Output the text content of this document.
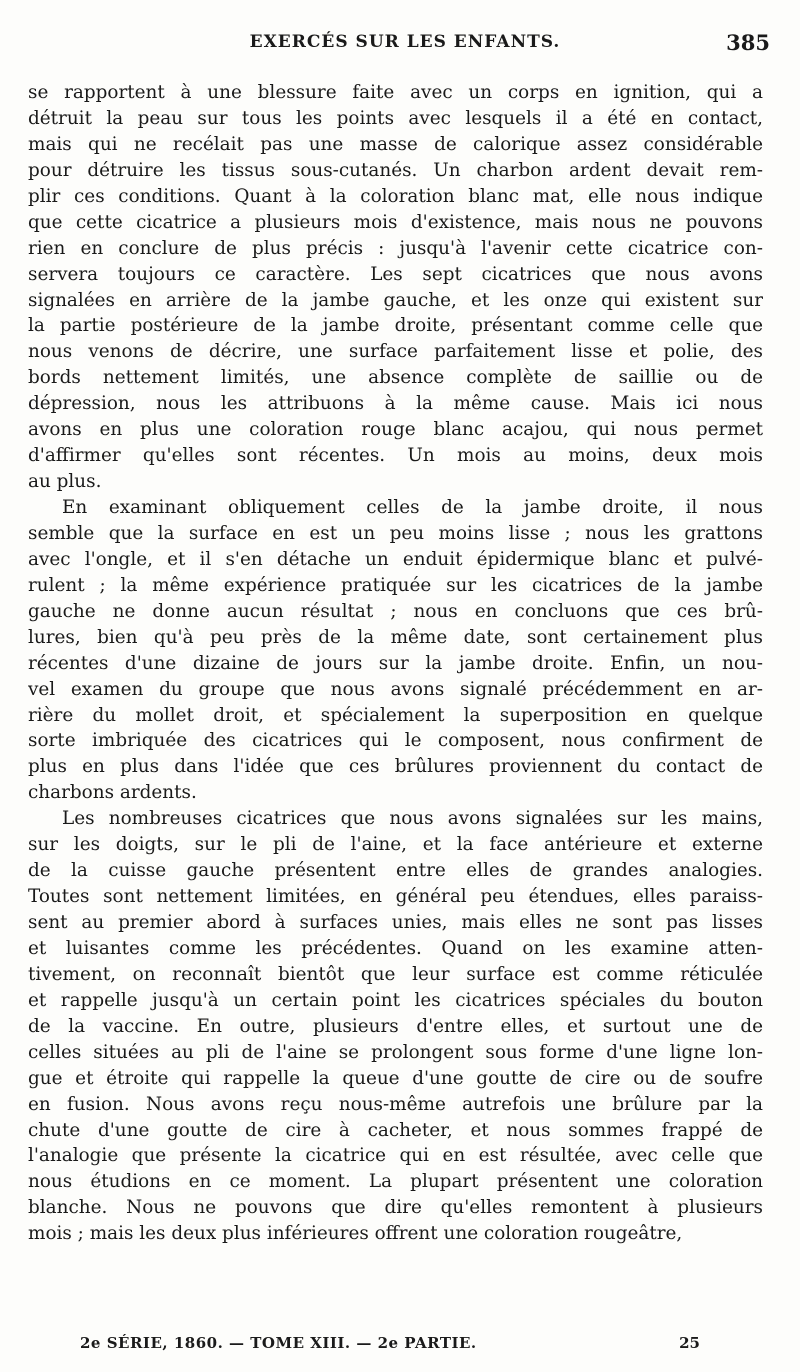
EXERCÉS SUR LES ENFANTS.	385
se rapportent à une blessure faite avec un corps en ignition, qui a
détruit la peau sur tous les points avec lesquels il a été en contact,
mais qui ne recélait pas une masse de calorique assez considérable
pour détruire les tissus sous-cutanés. Un charbon ardent devait rem-
plir ces conditions. Quant à la coloration blanc mat, elle nous indique
que cette cicatrice a plusieurs mois d'existence, mais nous ne pouvons
rien en conclure de plus précis : jusqu'à l'avenir cette cicatrice con-
servera toujours ce caractère. Les sept cicatrices que nous avons
signalées en arrière de la jambe gauche, et les onze qui existent sur
la partie postérieure de la jambe droite, présentant comme celle que
nous venons de décrire, une surface parfaitement lisse et polie, des
bords nettement limités, une absence complète de saillie ou de
dépression, nous les attribuons à la même cause. Mais ici nous
avons en plus une coloration rouge blanc acajou, qui nous permet
d'affirmer qu'elles sont récentes. Un mois au moins, deux mois
au plus.
En examinant obliquement celles de la jambe droite, il nous
semble que la surface en est un peu moins lisse ; nous les grattons
avec l'ongle, et il s'en détache un enduit épidermique blanc et pulvé-
rulent ; la même expérience pratiquée sur les cicatrices de la jambe
gauche ne donne aucun résultat ; nous en concluons que ces brû-
lures, bien qu'à peu près de la même date, sont certainement plus
récentes d'une dizaine de jours sur la jambe droite. Enfin, un nou-
vel examen du groupe que nous avons signalé précédemment en ar-
rière du mollet droit, et spécialement la superposition en quelque
sorte imbriquée des cicatrices qui le composent, nous confirment de
plus en plus dans l'idée que ces brûlures proviennent du contact de
charbons ardents.
Les nombreuses cicatrices que nous avons signalées sur les mains,
sur les doigts, sur le pli de l'aine, et la face antérieure et externe
de la cuisse gauche présentent entre elles de grandes analogies.
Toutes sont nettement limitées, en général peu étendues, elles paraiss-
sent au premier abord à surfaces unies, mais elles ne sont pas lisses
et luisantes comme les précédentes. Quand on les examine atten-
tivement, on reconnaît bientôt que leur surface est comme réticulée
et rappelle jusqu'à un certain point les cicatrices spéciales du bouton
de la vaccine. En outre, plusieurs d'entre elles, et surtout une de
celles situées au pli de l'aine se prolongent sous forme d'une ligne lon-
gue et étroite qui rappelle la queue d'une goutte de cire ou de soufre
en fusion. Nous avons reçu nous-même autrefois une brûlure par la
chute d'une goutte de cire à cacheter, et nous sommes frappé de
l'analogie que présente la cicatrice qui en est résultée, avec celle que
nous étudions en ce moment. La plupart présentent une coloration
blanche. Nous ne pouvons que dire qu'elles remontent à plusieurs
mois ; mais les deux plus inférieures offrent une coloration rougeâtre,
2e SÉRIE, 1860. — TOME XIII. — 2e PARTIE.	25
